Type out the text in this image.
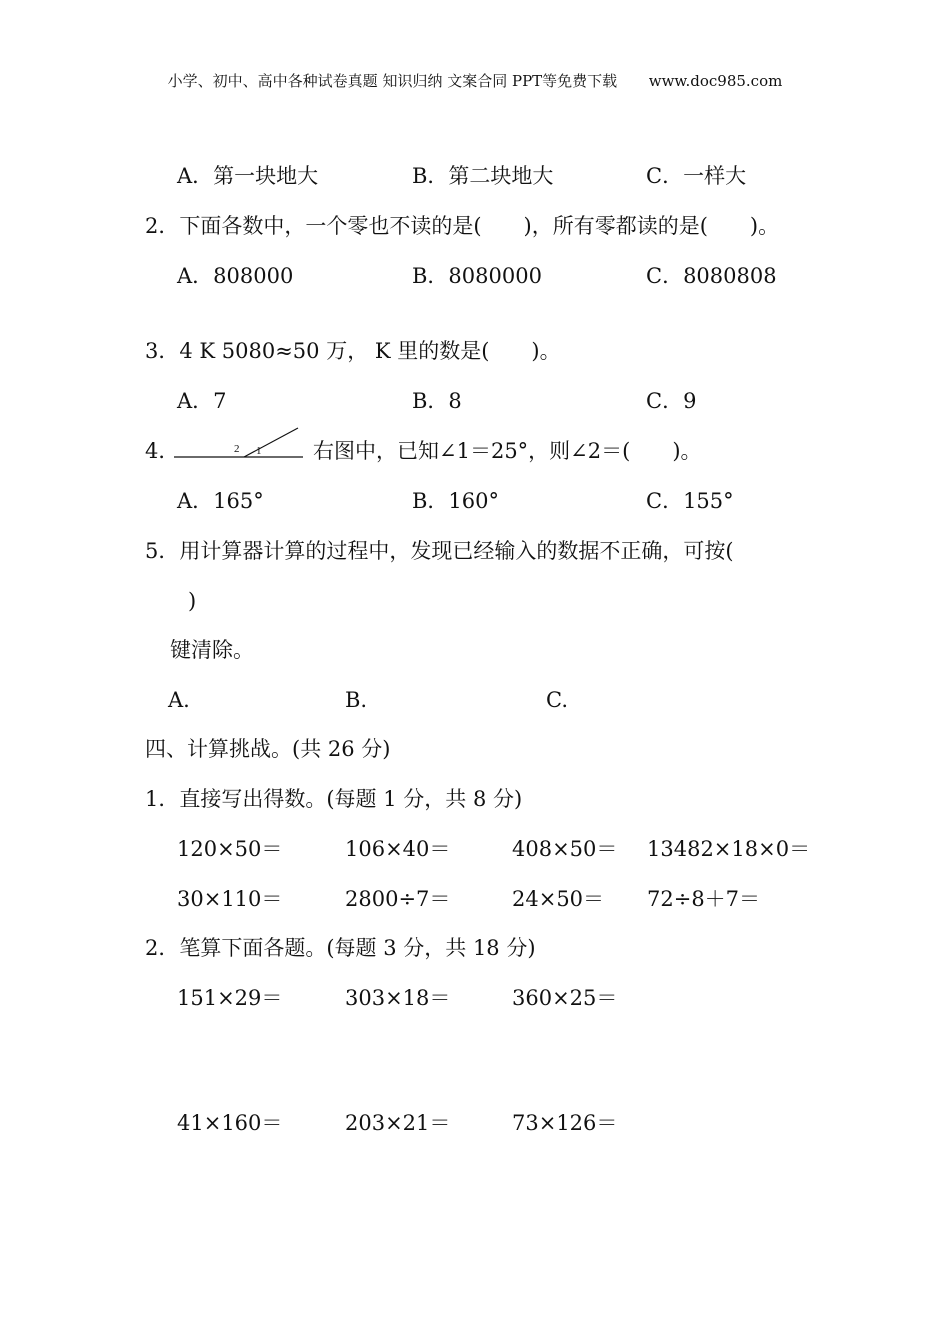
小学、初中、高中各种试卷真题 知识归纳 文案合同 PPT等免费下载 www.doc985.com
A．第一块地大	B．第二块地大	C．一样大
2．下面各数中，一个零也不读的是(　　)，所有零都读的是(　　)。
A．808000	B．8080000	C．8080808
3．4 K 5080≈50 万， K 里的数是(　　)。
A．7	B．8	C．9
4．	2 1 右图中，已知∠1＝25°，则∠2＝(　　)。
A．165°	B．160°	C．155°
5．用计算器计算的过程中，发现已经输入的数据不正确，可按(
)
键清除。
A.	B.	C.
四、计算挑战。(共 26 分)
1．直接写出得数。(每题 1 分，共 8 分)
120×50＝	106×40＝	408×50＝ 13482×18×0＝
30×110＝	2800÷7＝	24×50＝ 72÷8＋7＝
2．笔算下面各题。(每题 3 分，共 18 分)
151×29＝	303×18＝	360×25＝
41×160＝	203×21＝	73×126＝
